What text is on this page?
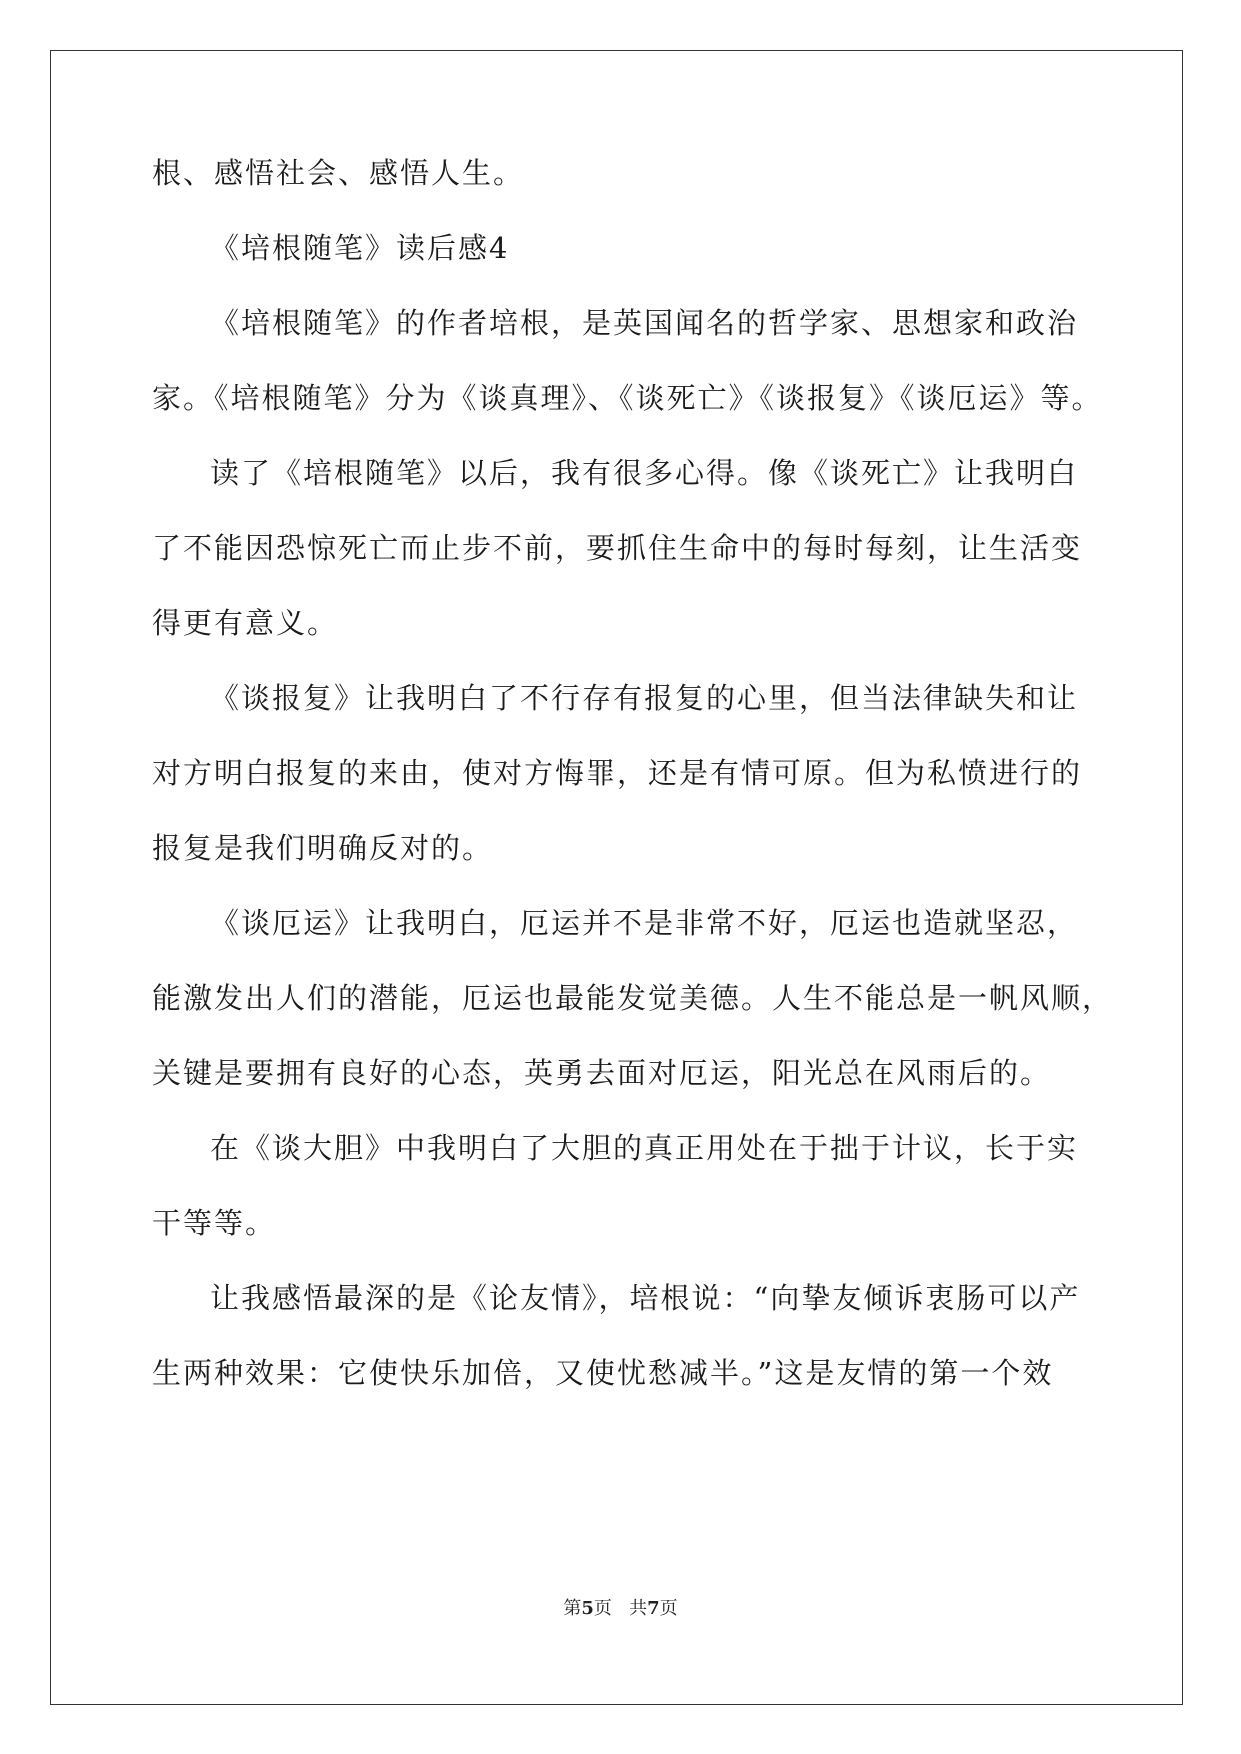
根、感悟社会、感悟人生。
《培根随笔》读后感4
《培根随笔》的作者培根，是英国闻名的哲学家、思想家和政治
家。《培根随笔》分为《谈真理》、《谈死亡》《谈报复》《谈厄运》等。
读了《培根随笔》以后，我有很多心得。像《谈死亡》让我明白
了不能因恐惊死亡而止步不前，要抓住生命中的每时每刻，让生活变
得更有意义。
《谈报复》让我明白了不行存有报复的心里，但当法律缺失和让
对方明白报复的来由，使对方悔罪，还是有情可原。但为私愤进行的
报复是我们明确反对的。
《谈厄运》让我明白，厄运并不是非常不好，厄运也造就坚忍，
能激发出人们的潜能，厄运也最能发觉美德。人生不能总是一帆风顺，
关键是要拥有良好的心态，英勇去面对厄运，阳光总在风雨后的。
在《谈大胆》中我明白了大胆的真正用处在于拙于计议，长于实
干等等。
让我感悟最深的是《论友情》，培根说：“向挚友倾诉衷肠可以产
生两种效果：它使快乐加倍，又使忧愁减半。”这是友情的第一个效
第5页 共7页
